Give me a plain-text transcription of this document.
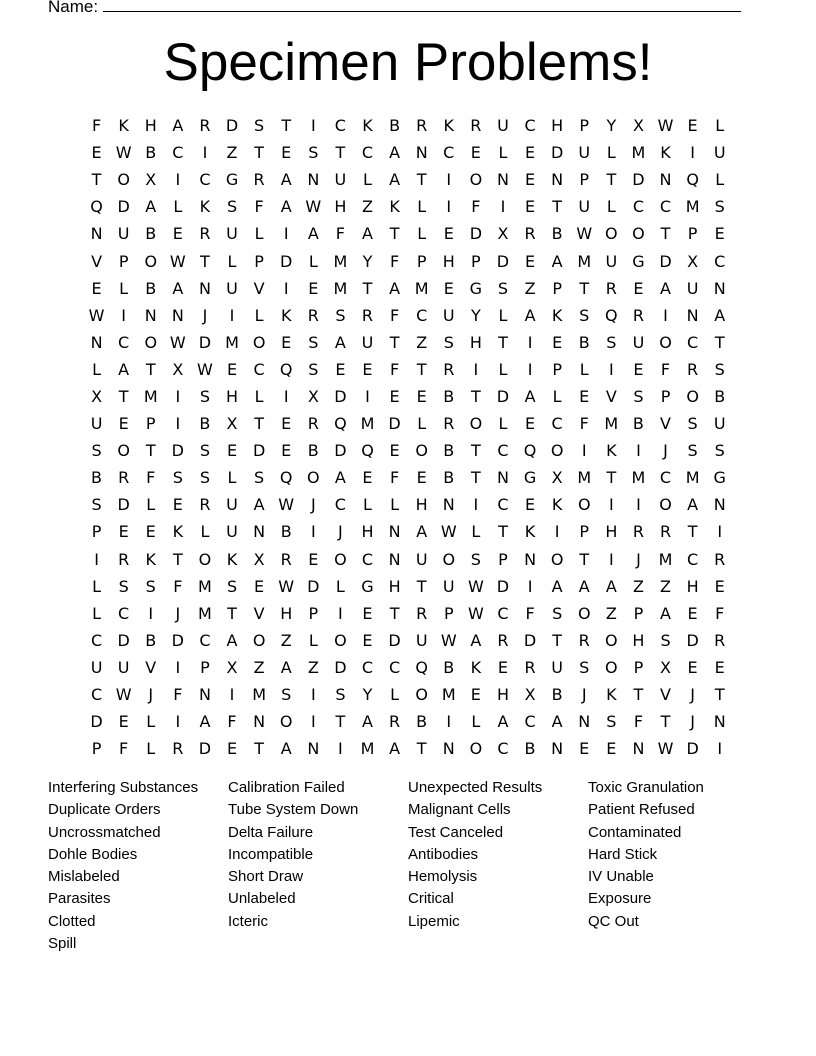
Name:
Specimen Problems!
F	K H A	R D S	T	I	C	K	B	R	K	R U C H	P	Y	X W E	L
E W B	C	I	Z	T	E	S	T	C	A N C	E	L	E D U	L M K	I	U
T O X	I	C G R	A N U	L	A	T	I	O N	E	N	P	T	D N Q	L
Q D A	L	K	S	F	A W H Z	K	L	I	F	I	E	T	U	L	C C M S
N U B	E	R U	L	I	A	F	A	T	L	E D X	R	B W O O T	P	E
V	P O W T	L	P	D	L M Y	F	P	H	P	D E	A M U G D X	C
E	L	B	A N U V	I	E M T	A M E G S	Z	P	T	R	E	A U N
W	I	N N	J	I	L	K	R	S	R	F	C U	Y	L	A	K	S Q R	I	N A
N C O W D M O E	S	A U	T	Z	S	H	T	I	E	B	S	U O C	T
L	A	T	X W E	C Q S	E	E	F	T	R	I	L	I	P	L	I	E	F	R	S
X	T M	I	S	H	L	I	X D	I	E	E	B	T	D A	L	E	V	S	P O B
U	E	P	I	B	X	T	E	R Q M D	L	R O	L	E	C	F M B	V	S	U
S O T	D S	E D E	B D Q E O B	T	C Q O	I	K	I	J	S	S
B	R	F	S	S	L	S Q O A	E	F	E	B	T	N G X M T M C M G
S D	L	E	R U A W	J	C	L	L	H N	I	C	E	K O	I	I	O A N
P	E	E	K	L	U N B	I	J	H N A W L	T	K	I	P	H R R	T	I
I	R	K	T O K	X	R	E O C N U O S	P	N O T	I	J	M C R
L	S	S	F M S	E W D	L	G H	T	U W D	I	A	A	A	Z	Z H	E
L	C	I	J	M T	V H	P	I	E	T	R	P W C	F	S O Z	P	A	E	F
C D B D C	A O Z	L	O E D U W A	R D	T	R O H	S D R
U U V	I	P	X	Z	A	Z D C C Q B	K	E	R U	S O P	X	E	E
C W	J	F	N	I	M S	I	S	Y	L	O M E	H X	B	J	K	T	V	J	T
D E	L	I	A	F	N O	I	T	A	R	B	I	L	A	C	A N	S	F	T	J	N
P	F	L	R D E	T	A N	I	M A	T	N O C	B N	E	E	N W D	I
Interfering Substances	Calibration Failed	Unexpected Results	Toxic Granulation
Duplicate Orders	Tube System Down	Malignant Cells	Patient Refused
Uncrossmatched	Delta Failure	Test Canceled	Contaminated
Dohle Bodies	Incompatible	Antibodies	Hard Stick
Mislabeled	Short Draw	Hemolysis	IV Unable
Parasites	Unlabeled	Critical	Exposure
Clotted	Icteric	Lipemic	QC Out
Spill
